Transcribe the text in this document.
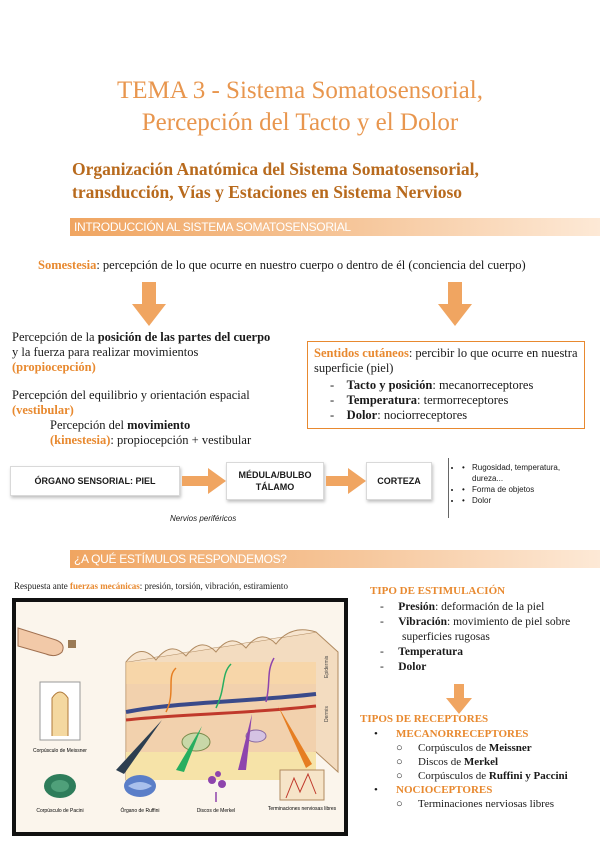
TEMA 3 - Sistema Somatosensorial,
Percepción del Tacto y el Dolor
Organización Anatómica del Sistema Somatosensorial,
transducción, Vías y Estaciones en Sistema Nervioso
INTRODUCCIÓN AL SISTEMA SOMATOSENSORIAL
Somestesia: percepción de lo que ocurre en nuestro cuerpo o dentro de él (conciencia del cuerpo)
Percepción de la posición de las partes del cuerpo y la fuerza para realizar movimientos
(propiocepción)
Percepción del equilibrio y orientación espacial
(vestibular)
Percepción del movimiento
(kinestesia): propiocepción + vestibular
Sentidos cutáneos: percibir lo que ocurre en nuestra superficie (piel)
-    Tacto y posición: mecanorreceptores
-    Temperatura: termorreceptores
-    Dolor: nociorreceptores
ÓRGANO SENSORIAL: PIEL
MÉDULA/BULBO
TÁLAMO
CORTEZA
• • Rugosidad, temperatura, dureza...
• • Forma de objetos
• • Dolor
Nervios periféricos
¿A QUÉ ESTÍMULOS RESPONDEMOS?
Respuesta ante fuerzas mecánicas: presión, torsión, vibración, estiramiento
Epidermis
Dermis
Corpúsculo de Meissner
Corpúsculo de Pacini	Órgano de Ruffini	Discos de Merkel	Terminaciones nerviosas libres
TIPO DE ESTIMULACIÓN
-     Presión: deformación de la piel
-     Vibración: movimiento de piel sobre superficies rugosas
-     Temperatura
-     Dolor
TIPOS DE RECEPTORES
• MECANORRECEPTORES
○ Corpúsculos de Meissner
○ Discos de Merkel
○ Corpúsculos de Ruffini y Paccini
• NOCIOCEPTORES
○ Terminaciones nerviosas libres
